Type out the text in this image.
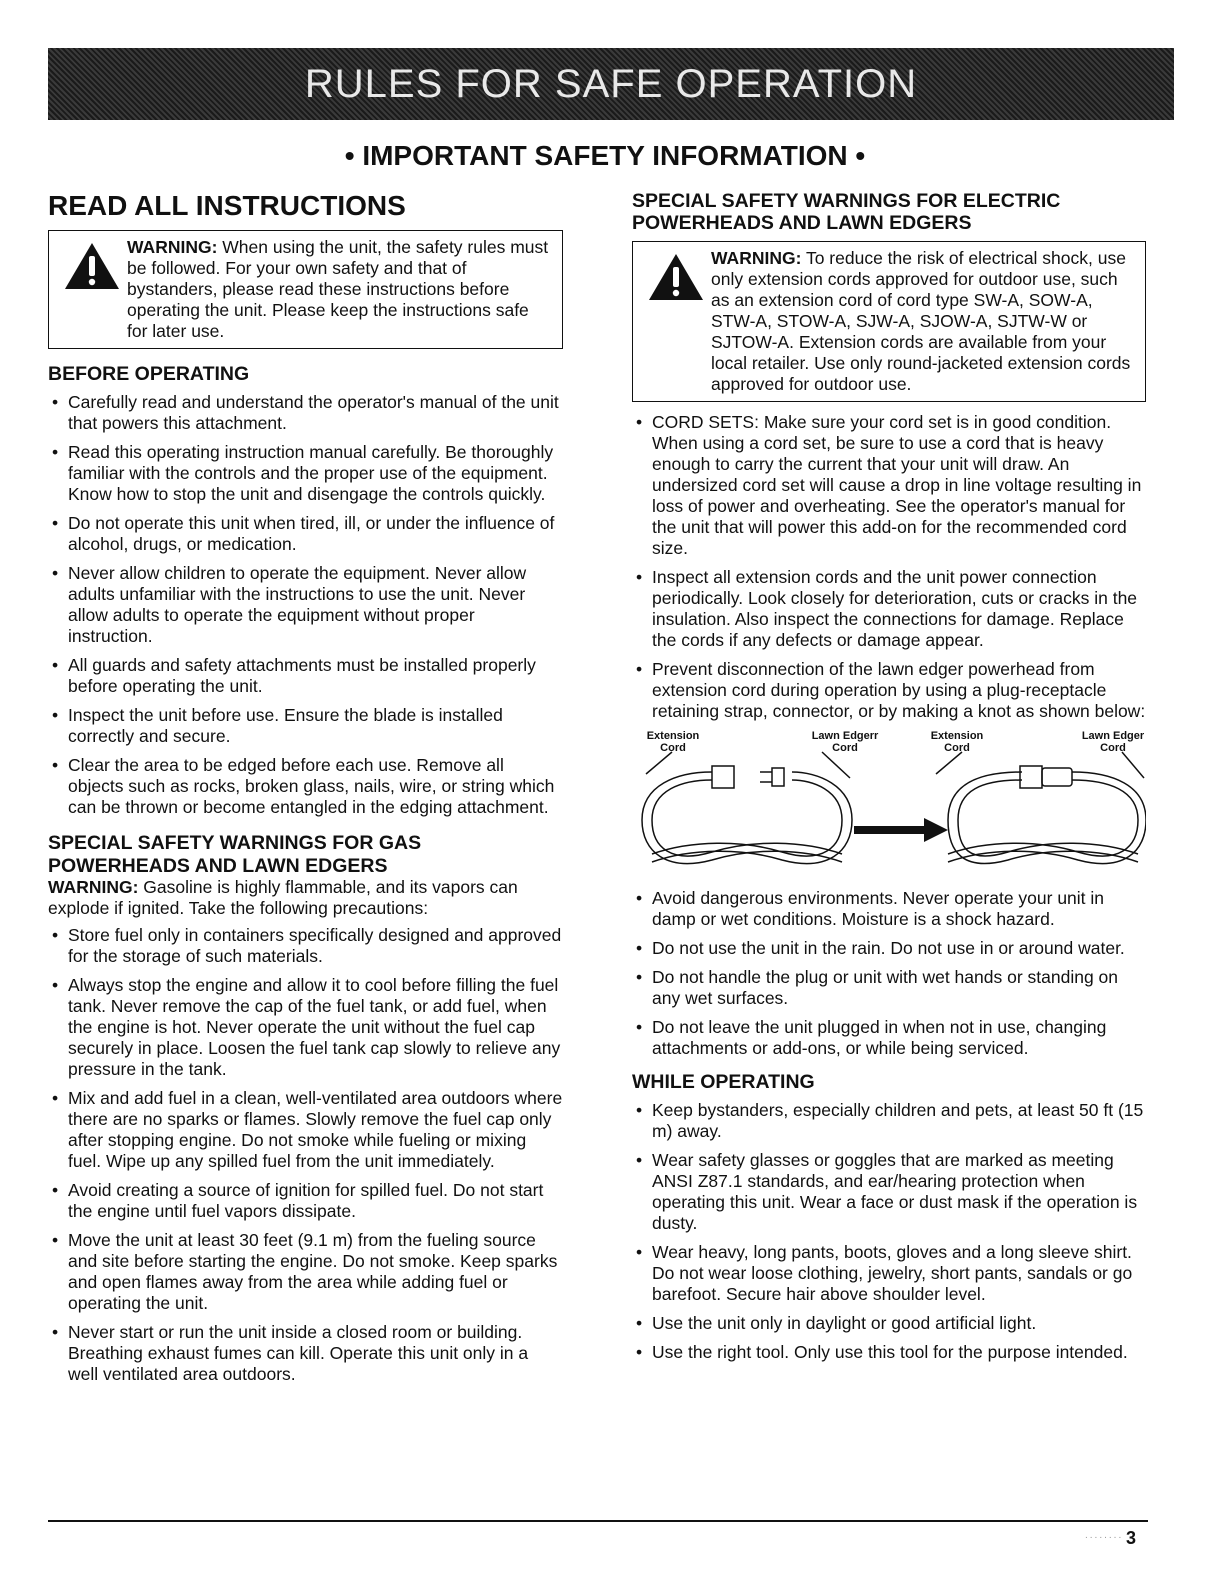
RULES FOR SAFE OPERATION
• IMPORTANT SAFETY INFORMATION •
READ ALL INSTRUCTIONS
WARNING: When using the unit, the safety rules must be followed. For your own safety and that of bystanders, please read these instructions before operating the unit. Please keep the instructions safe for later use.
BEFORE OPERATING
• Carefully read and understand the operator's manual of the unit that powers this attachment.
• Read this operating instruction manual carefully. Be thoroughly familiar with the controls and the proper use of the equipment. Know how to stop the unit and disengage the controls quickly.
• Do not operate this unit when tired, ill, or under the influence of alcohol, drugs, or medication.
• Never allow children to operate the equipment. Never allow adults unfamiliar with the instructions to use the unit. Never allow adults to operate the equipment without proper instruction.
• All guards and safety attachments must be installed properly before operating the unit.
• Inspect the unit before use. Ensure the blade is installed correctly and secure.
• Clear the area to be edged before each use. Remove all objects such as rocks, broken glass, nails, wire, or string which can be thrown or become entangled in the edging attachment.
SPECIAL SAFETY WARNINGS FOR GAS
POWERHEADS AND LAWN EDGERS

WARNING: Gasoline is highly flammable, and its vapors can explode if ignited. Take the following precautions:

• Store fuel only in containers specifically designed and approved for the storage of such materials.
• Always stop the engine and allow it to cool before filling the fuel tank. Never remove the cap of the fuel tank, or add fuel, when the engine is hot. Never operate the unit without the fuel cap securely in place. Loosen the fuel tank cap slowly to relieve any pressure in the tank.
• Mix and add fuel in a clean, well-ventilated area outdoors where there are no sparks or flames. Slowly remove the fuel cap only after stopping engine. Do not smoke while fueling or mixing fuel. Wipe up any spilled fuel from the unit immediately.
• Avoid creating a source of ignition for spilled fuel. Do not start the engine until fuel vapors dissipate.
• Move the unit at least 30 feet (9.1 m) from the fueling source and site before starting the engine. Do not smoke. Keep sparks and open flames away from the area while adding fuel or operating the unit.
• Never start or run the unit inside a closed room or building. Breathing exhaust fumes can kill. Operate this unit only in a well ventilated area outdoors.
SPECIAL SAFETY WARNINGS FOR ELECTRIC
POWERHEADS AND LAWN EDGERS
WARNING: To reduce the risk of electrical shock, use only extension cords approved for outdoor use, such as an extension cord of cord type SW-A, SOW-A, STW-A, STOW-A, SJW-A, SJOW-A, SJTW-W or SJTOW-A. Extension cords are available from your local retailer. Use only round-jacketed extension cords approved for outdoor use.
• CORD SETS: Make sure your cord set is in good condition. When using a cord set, be sure to use a cord that is heavy enough to carry the current that your unit will draw. An undersized cord set will cause a drop in line voltage resulting in loss of power and overheating. See the operator's manual for the unit that will power this add-on for the recommended cord size.
• Inspect all extension cords and the unit power connection periodically. Look closely for deterioration, cuts or cracks in the insulation. Also inspect the connections for damage. Replace the cords if any defects or damage appear.
• Prevent disconnection of the lawn edger powerhead from extension cord during operation by using a plug-receptacle retaining strap, connector, or by making a knot as shown below:
Extension Cord
Lawn Edgerr Cord
Extension Cord
Lawn Edger Cord
• Avoid dangerous environments. Never operate your unit in damp or wet conditions. Moisture is a shock hazard.
• Do not use the unit in the rain. Do not use in or around water.
• Do not handle the plug or unit with wet hands or standing on any wet surfaces.
• Do not leave the unit plugged in when not in use, changing attachments or add-ons, or while being serviced.
WHILE OPERATING
• Keep bystanders, especially children and pets, at least 50 ft (15 m) away.
• Wear safety glasses or goggles that are marked as meeting ANSI Z87.1 standards, and ear/hearing protection when operating this unit. Wear a face or dust mask if the operation is dusty.
• Wear heavy, long pants, boots, gloves and a long sleeve shirt. Do not wear loose clothing, jewelry, short pants, sandals or go barefoot. Secure hair above shoulder level.
• Use the unit only in daylight or good artificial light.
• Use the right tool. Only use this tool for the purpose intended.
........ 3
